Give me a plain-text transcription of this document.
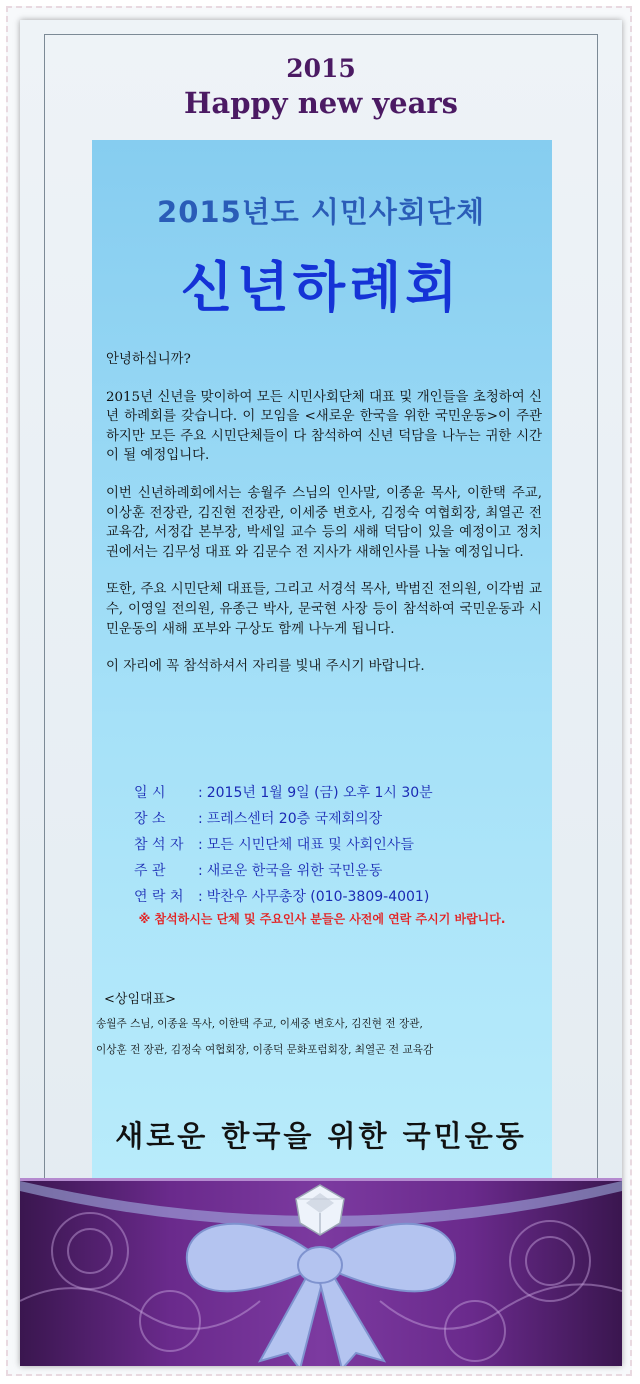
2015
Happy new years
2015년도 시민사회단체
신년하례회

안녕하십니까?

2015년 신년을 맞이하여 모든 시민사회단체 대표 및 개인들을 초청하여 신년 하례회를 갖습니다. 이 모임을 <새로운 한국을 위한 국민운동>이 주관하지만 모든 주요 시민단체들이 다 참석하여 신년 덕담을 나누는 귀한 시간이 될 예정입니다.

이번 신년하례회에서는 송월주 스님의 인사말, 이종윤 목사, 이한택 주교, 이상훈 전장관, 김진현 전장관, 이세중 변호사, 김정숙 여협회장, 최열곤 전 교육감, 서정갑 본부장, 박세일 교수 등의 새해 덕담이 있을 예정이고 정치권에서는 김무성 대표 와 김문수 전 지사가 새해인사를 나눌 예정입니다.

또한, 주요 시민단체 대표들, 그리고 서경석 목사, 박범진 전의원, 이각범 교수, 이영일 전의원, 유종근 박사, 문국현 사장 등이 참석하여 국민운동과 시민운동의 새해 포부와 구상도 함께 나누게 됩니다.

이 자리에 꼭 참석하셔서 자리를 빛내 주시기 바랍니다.

일 시 : 2015년 1월 9일 (금) 오후 1시 30분
장 소 : 프레스센터 20층 국제회의장
참 석 자 : 모든 시민단체 대표 및 사회인사들
주 관 : 새로운 한국을 위한 국민운동
연 락 처 : 박찬우 사무총장 (010-3809-4001)
※ 참석하시는 단체 및 주요인사 분들은 사전에 연락 주시기 바랍니다.
<상임대표>
송월주 스님, 이종윤 목사, 이한택 주교, 이세중 변호사, 김진현 전 장관,
이상훈 전 장관, 김정숙 여협회장, 이종덕 문화포럼회장, 최열곤 전 교육감
새로운 한국을 위한 국민운동
